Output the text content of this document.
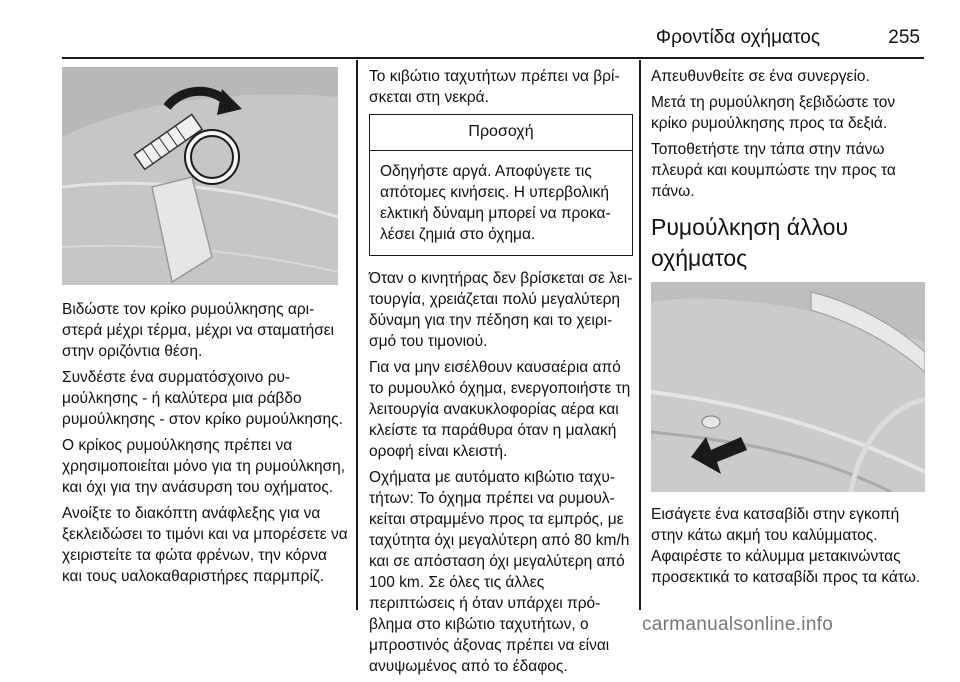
Φροντίδα οχήματος	255

Βιδώστε τον κρίκο ρυμούλκησης αριστερά μέχρι τέρμα, μέχρι να σταματήσει στην οριζόντια θέση.

Συνδέστε ένα συρματόσχοινο ρυμούλκησης - ή καλύτερα μια ράβδο ρυμούλκησης - στον κρίκο ρυμούλκησης.

Ο κρίκος ρυμούλκησης πρέπει να χρησιμοποιείται μόνο για τη ρυμούλκηση, και όχι για την ανάσυρση του οχήματος.

Ανοίξτε το διακόπτη ανάφλεξης για να ξεκλειδώσει το τιμόνι και να μπορέσετε να χειριστείτε τα φώτα φρένων, την κόρνα και τους υαλοκαθαριστήρες παρμπρίζ.

Το κιβώτιο ταχυτήτων πρέπει να βρίσκεται στη νεκρά.

Προσοχή
Οδηγήστε αργά. Αποφύγετε τις απότομες κινήσεις. Η υπερβολική ελκτική δύναμη μπορεί να προκαλέσει ζημιά στο όχημα.

Όταν ο κινητήρας δεν βρίσκεται σε λειτουργία, χρειάζεται πολύ μεγαλύτερη δύναμη για την πέδηση και το χειρισμό του τιμονιού.

Για να μην εισέλθουν καυσαέρια από το ρυμουλκό όχημα, ενεργοποιήστε τη λειτουργία ανακυκλοφορίας αέρα και κλείστε τα παράθυρα όταν η μαλακή οροφή είναι κλειστή.

Οχήματα με αυτόματο κιβώτιο ταχυτήτων: Το όχημα πρέπει να ρυμουλκείται στραμμένο προς τα εμπρός, με ταχύτητα όχι μεγαλύτερη από 80 km/h και σε απόσταση όχι μεγαλύτερη από 100 km. Σε όλες τις άλλες περιπτώσεις ή όταν υπάρχει πρόβλημα στο κιβώτιο ταχυτήτων, ο μπροστινός άξονας πρέπει να είναι ανυψωμένος από το έδαφος.

Απευθυνθείτε σε ένα συνεργείο.

Μετά τη ρυμούλκηση ξεβιδώστε τον κρίκο ρυμούλκησης προς τα δεξιά.

Τοποθετήστε την τάπα στην πάνω πλευρά και κουμπώστε την προς τα πάνω.

Ρυμούλκηση άλλου οχήματος

Εισάγετε ένα κατσαβίδι στην εγκοπή στην κάτω ακμή του καλύμματος. Αφαιρέστε το κάλυμμα μετακινώντας προσεκτικά το κατσαβίδι προς τα κάτω.

carmanualsonline.info
